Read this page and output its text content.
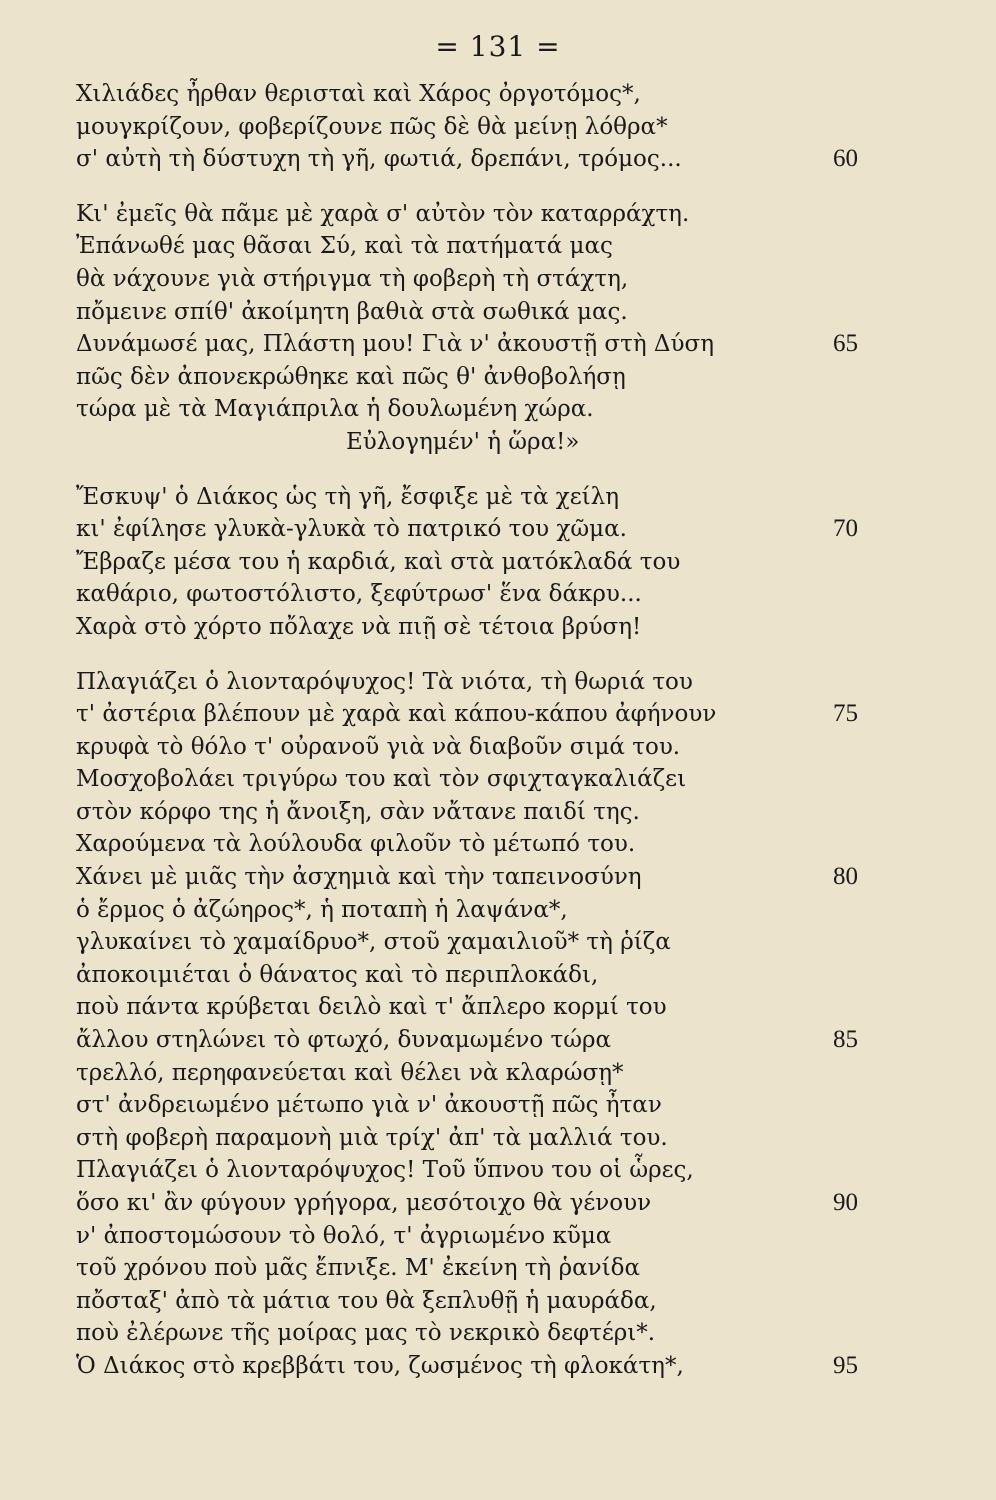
= 131 =
Χιλιάδες ἦρθαν θερισταὶ καὶ Χάρος ὀργοτόμος*,
μουγκρίζουν, φοβερίζουνε πῶς δὲ θὰ μείνῃ λόθρα*
σ' αὐτὴ τὴ δύστυχη τὴ γῆ, φωτιά, δρεπάνι, τρόμος...	60
Κι' ἐμεῖς θὰ πᾶμε μὲ χαρὰ σ' αὐτὸν τὸν καταρράχτη.
Ἐπάνωθέ μας θᾶσαι Σύ, καὶ τὰ πατήματά μας
θὰ νάχουνε γιὰ στήριγμα τὴ φοβερὴ τὴ στάχτη,
πὄμεινε σπίθ' ἀκοίμητη βαθιὰ στὰ σωθικά μας.
Δυνάμωσέ μας, Πλάστη μου! Γιὰ ν' ἀκουστῇ στὴ Δύση	65
πῶς δὲν ἀπονεκρώθηκε καὶ πῶς θ' ἀνθοβολήσῃ
τώρα μὲ τὰ Μαγιάπριλα ἡ δουλωμένη χώρα.
Εὐλογημέν' ἡ ὥρα!»
Ἔσκυψ' ὁ Διάκος ὡς τὴ γῆ, ἔσφιξε μὲ τὰ χείλη
κι' ἐφίλησε γλυκὰ-γλυκὰ τὸ πατρικό του χῶμα.	70
Ἔβραζε μέσα του ἡ καρδιά, καὶ στὰ ματόκλαδά του
καθάριο, φωτοστόλιστο, ξεφύτρωσ' ἕνα δάκρυ...
Χαρὰ στὸ χόρτο πὄλαχε νὰ πιῇ σὲ τέτοια βρύση!
Πλαγιάζει ὁ λιονταρόψυχος! Τὰ νιότα, τὴ θωριά του
τ' ἀστέρια βλέπουν μὲ χαρὰ καὶ κάπου-κάπου ἀφήνουν	75
κρυφὰ τὸ θόλο τ' οὐρανοῦ γιὰ νὰ διαβοῦν σιμά του.
Μοσχοβολάει τριγύρω του καὶ τὸν σφιχταγκαλιάζει
στὸν κόρφο της ἡ ἄνοιξη, σὰν νἄτανε παιδί της.
Χαρούμενα τὰ λούλουδα φιλοῦν τὸ μέτωπό του.
Χάνει μὲ μιᾶς τὴν ἀσχημιὰ καὶ τὴν ταπεινοσύνη	80
ὁ ἔρμος ὁ ἀζώηρος*, ἡ ποταπὴ ἡ λαψάνα*,
γλυκαίνει τὸ χαμαίδρυο*, στοῦ χαμαιλιοῦ* τὴ ῥίζα
ἀποκοιμιέται ὁ θάνατος καὶ τὸ περιπλοκάδι,
ποὺ πάντα κρύβεται δειλὸ καὶ τ' ἄπλερο κορμί του
ἄλλου στηλώνει τὸ φτωχό, δυναμωμένο τώρα	85
τρελλό, περηφανεύεται καὶ θέλει νὰ κλαρώσῃ*
στ' ἀνδρειωμένο μέτωπο γιὰ ν' ἀκουστῇ πῶς ἦταν
στὴ φοβερὴ παραμονὴ μιὰ τρίχ' ἀπ' τὰ μαλλιά του.
Πλαγιάζει ὁ λιονταρόψυχος! Τοῦ ὕπνου του οἱ ὧρες,
ὅσο κι' ἂν φύγουν γρήγορα, μεσότοιχο θὰ γένουν	90
ν' ἀποστομώσουν τὸ θολό, τ' ἀγριωμένο κῦμα
τοῦ χρόνου ποὺ μᾶς ἔπνιξε. Μ' ἐκείνη τὴ ῥανίδα
πὄσταξ' ἀπὸ τὰ μάτια του θὰ ξεπλυθῇ ἡ μαυράδα,
ποὺ ἐλέρωνε τῆς μοίρας μας τὸ νεκρικὸ δεφτέρι*.
Ὁ Διάκος στὸ κρεββάτι του, ζωσμένος τὴ φλοκάτη*,	95
